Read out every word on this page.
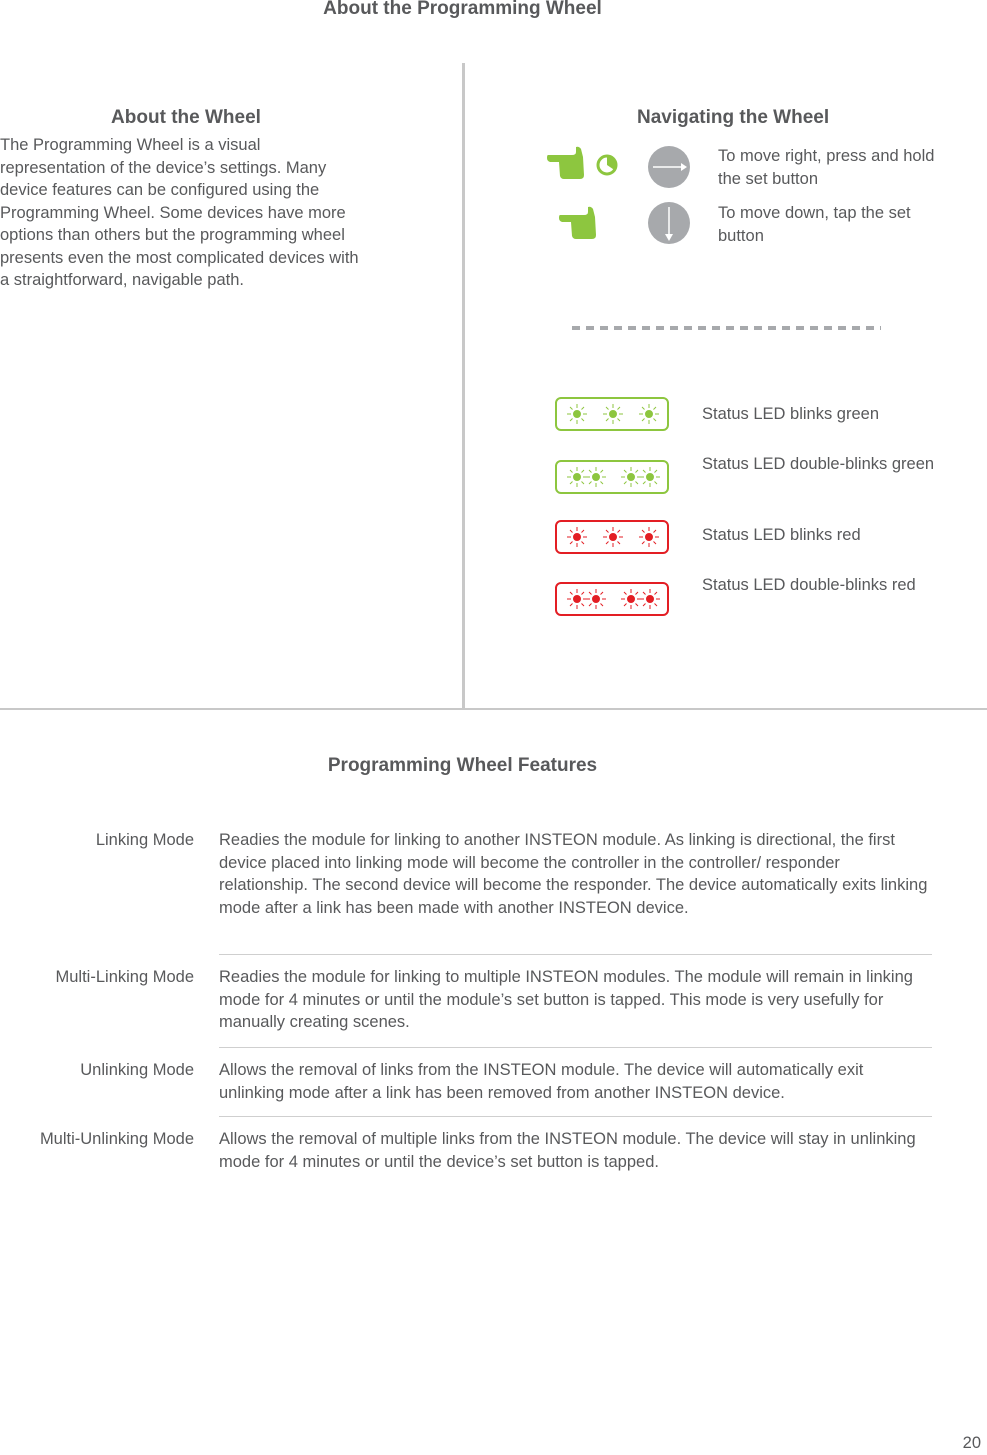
About the Programming Wheel
About the Wheel
The Programming Wheel is a visual representation of the device’s settings. Many device features can be configured using the Programming Wheel. Some devices have more options than others but the programming wheel presents even the most complicated devices with a straightforward, navigable path.
Navigating the Wheel
To move right, press and hold the set button
To move down, tap the set button
Status LED blinks green
Status LED double-blinks green
Status LED blinks red
Status LED double-blinks red
Programming Wheel Features
Linking Mode Readies the module for linking to another INSTEON module. As linking is directional, the first device placed into linking mode will become the controller in the controller/ responder relationship. The second device will become the responder. The device automatically exits linking mode after a link has been made with another INSTEON device.
Multi-Linking Mode Readies the module for linking to multiple INSTEON modules. The module will remain in linking mode for 4 minutes or until the module’s set button is tapped. This mode is very usefully for manually creating scenes.
Unlinking Mode Allows the removal of links from the INSTEON module. The device will automatically exit unlinking mode after a link has been removed from another INSTEON device.
Multi-Unlinking Mode Allows the removal of multiple links from the INSTEON module. The device will stay in unlinking mode for 4 minutes or until the device’s set button is tapped.
20
